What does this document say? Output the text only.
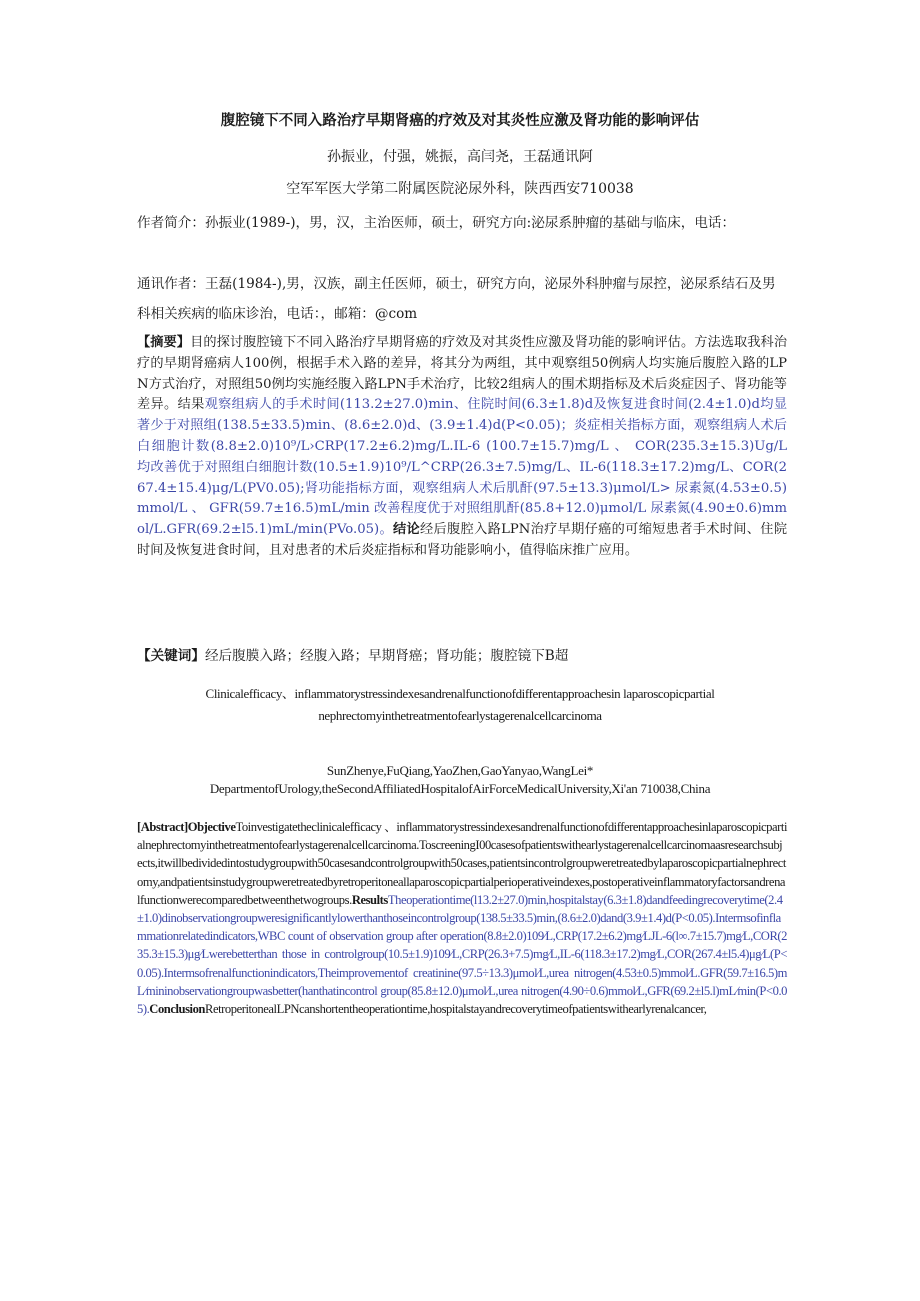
腹腔镜下不同入路治疗早期肾癌的疗效及对其炎性应激及肾功能的影响评估
孙振业，付强，姚振，高闫尧，王磊通讯阿
空军军医大学第二附属医院泌尿外科，陕西西安710038

作者简介：孙振业(1989-)，男，汉，主治医师，硕士，研究方向:泌尿系肿瘤的基础与临床，电话：

通讯作者：王磊(1984-),男，汉族，副主任医师，硕士，研究方向，泌尿外科肿瘤与尿控，泌尿系结石及男科相关疾病的临床诊治，电话：，邮箱：@com

【摘要】目的探讨腹腔镜下不同入路治疗早期肾癌的疗效及对其炎性应激及肾功能的影响评估。方法选取我科治疗的早期肾癌病人100例，根据手术入路的差异，将其分为两组，其中观察组50例病人均实施后腹腔入路的LPN方式治疗，对照组50例均实施经腹入路LPN手术治疗，比较2组病人的围术期指标及术后炎症因子、肾功能等差异。结果观察组病人的手术时间(113.2±27.0)min、住院时间(6.3±1.8)d及恢复进食时间(2.4±1.0)d均显著少于对照组(138.5±33.5)min、(8.6±2.0)d、(3.9±1.4)d(P<0.05)；炎症相关指标方面，观察组病人术后白细胞计数(8.8±2.0)10⁹/L›CRP(17.2±6.2)mg/L.IL-6 (100.7±15.7)mg/L 、 COR(235.3±15.3)Ug/L 均改善优于对照组白细胞计数(10.5±1.9)10⁹/L^CRP(26.3±7.5)mg/L、IL-6(118.3±17.2)mg/L、COR(267.4±15.4)μg/L(PV0.05);肾功能指标方面，观察组病人术后肌酐(97.5±13.3)μmol/L> 尿素氮(4.53±0.5)mmol/L 、 GFR(59.7±16.5)mL/min 改善程度优于对照组肌酐(85.8+12.0)μmol/L 尿素氮(4.90±0.6)mmol/L.GFR(69.2±l5.1)mL/min(PVo.05)。结论经后腹腔入路LPN治疗早期仔癌的可缩短患者手术时间、住院时间及恢复进食时间，且对患者的术后炎症指标和肾功能影响小，值得临床推广应用。

【关键词】经后腹膜入路；经腹入路；早期肾癌；肾功能；腹腔镜下B超

Clinicalefficacy、inflammatorystressindexesandrenalfunctionofdifferentapproachesin laparoscopicpartial
nephrectomyinthetreatmentofearlystagerenalcellcarcinoma
SunZhenye,FuQiang,YaoZhen,GaoYanyao,WangLei*
DepartmentofUrology,theSecondAffiliatedHospitalofAirForceMedicalUniversity,Xi'an 710038,China

[Abstract]ObjectiveToinvestigatetheclinicalefficacy 、inflammatorystressindexesandrenalfunctionofdifferentapproachesinlaparoscopicpartialnephrectomyinthetreatmentofearlystagerenalcellcarcinoma.ToscreeningI00casesofpatientswithearlystagerenalcellcarcinomaasresearchsubjects,itwillbedividedintostudygroupwith50casesandcontrolgroupwith50cases,patientsincontrolgroupweretreatedbylaparoscopicpartialnephrectomy,andpatientsinstudygroupweretreatedbyretroperitoneallaparoscopicpartialperioperativeindexes,postoperativeinflammatoryfactorsandrenalfunctionwerecomparedbetweenthetwogroups.ResultsTheoperationtime(l13.2±27.0)min,hospitalstay(6.3±1.8)dandfeedingrecoverytime(2.4±1.0)dinobservationgroupweresignificantlylowerthanthoseincontrolgroup(138.5±33.5)min,(8.6±2.0)dand(3.9±1.4)d(P<0.05).Intermsofinflammationrelatedindicators,WBC count of observation group after operation(8.8±2.0)109∕L,CRP(17.2±6.2)mg∕LJL-6(l∞.7±15.7)mg∕L,COR(235.3±15.3)μg∕Lwerebetterthan those in controlgroup(10.5±1.9)109∕L,CRP(26.3+7.5)mg∕L,IL-6(118.3±17.2)mg∕L,COR(267.4±l5.4)μg∕L(P<0.05).Intermsofrenalfunctionindicators,Theimprovementof creatinine(97.5÷13.3)μmol∕L,urea nitrogen(4.53±0.5)mmol∕L.GFR(59.7±16.5)mL∕mininobservationgroupwasbetter(hanthatincontrol group(85.8±12.0)μmol∕L,urea nitrogen(4.90÷0.6)mmol∕L,GFR(69.2±l5.l)mL∕min(P<0.05).ConclusionRetroperitonealLPNcanshortentheoperationtime,hospitalstayandrecoverytimeofpatientswithearlyrenalcancer,
